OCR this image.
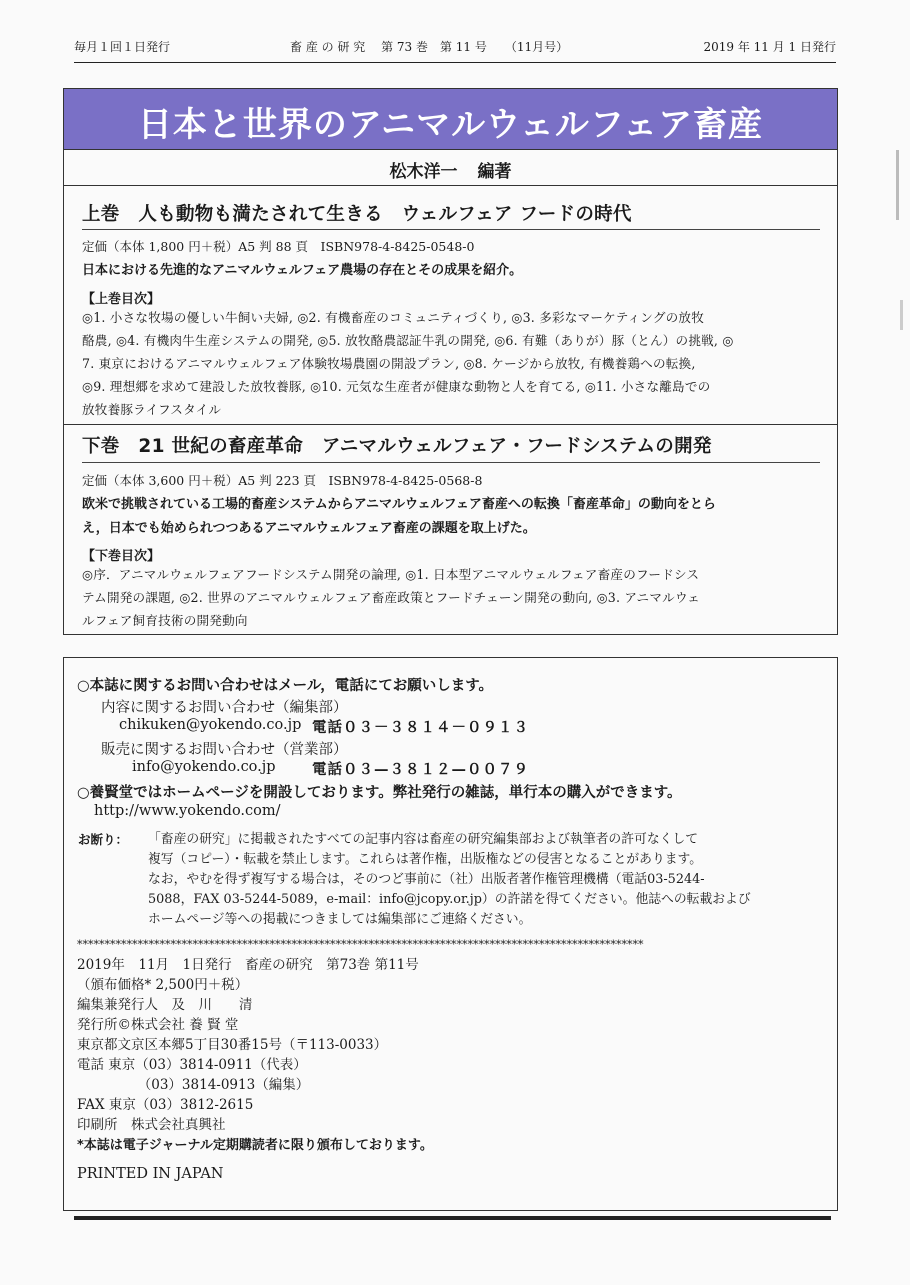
毎月１回１日発行	畜 産 の 研 究　 第 73 巻　第 11 号　　（11月号）	2019 年 11 月 1 日発行
日本と世界のアニマルウェルフェア畜産
松木洋一 編著
上巻　人も動物も満たされて生きる　ウェルフェア フードの時代
定価（本体 1,800 円＋税）A5 判 88 頁　ISBN978-4-8425-0548-0
日本における先進的なアニマルウェルフェア農場の存在とその成果を紹介。
【上巻目次】
◎1. 小さな牧場の優しい牛飼い夫婦, ◎2. 有機畜産のコミュニティづくり, ◎3. 多彩なマーケティングの放牧
酪農, ◎4. 有機肉牛生産システムの開発, ◎5. 放牧酪農認証牛乳の開発, ◎6. 有難（ありが）豚（とん）の挑戦, ◎
7. 東京におけるアニマルウェルフェア体験牧場農園の開設プラン, ◎8. ケージから放牧, 有機養鶏への転換,
◎9. 理想郷を求めて建設した放牧養豚, ◎10. 元気な生産者が健康な動物と人を育てる, ◎11. 小さな離島での
放牧養豚ライフスタイル
下巻　21 世紀の畜産革命　アニマルウェルフェア・フードシステムの開発
定価（本体 3,600 円＋税）A5 判 223 頁　ISBN978-4-8425-0568-8
欧米で挑戦されている工場的畜産システムからアニマルウェルフェア畜産への転換「畜産革命」の動向をとら
え，日本でも始められつつあるアニマルウェルフェア畜産の課題を取上げた。
【下巻目次】
◎序．アニマルウェルフェアフードシステム開発の論理, ◎1. 日本型アニマルウェルフェア畜産のフードシス
テム開発の課題, ◎2. 世界のアニマルウェルフェア畜産政策とフードチェーン開発の動向, ◎3. アニマルウェ
ルフェア飼育技術の開発動向
○本誌に関するお問い合わせはメール，電話にてお願いします。
内容に関するお問い合わせ（編集部）
chikuken@yokendo.co.jp 電話０３－３８１４－０９１３
販売に関するお問い合わせ（営業部）
info@yokendo.co.jp	電話０３—３８１２—００７９
○養賢堂ではホームページを開設しております。弊社発行の雑誌，単行本の購入ができます。
http://www.yokendo.com/
お断り： 「畜産の研究」に掲載されたすべての記事内容は畜産の研究編集部および執筆者の許可なくして
複写（コピー）・転載を禁止します。これらは著作権，出版権などの侵害となることがあります。
なお，やむを得ず複写する場合は，そのつど事前に（社）出版者著作権管理機構（電話03-5244-
5088，FAX 03-5244-5089，e-mail：info@jcopy.or.jp）の許諾を得てください。他誌への転載および
ホームページ等への掲載につきましては編集部にご連絡ください。
*******************************************************************************************************
2019年　11月　1日発行　畜産の研究　第73巻 第11号
（頒布価格* 2,500円＋税）
編集兼発行人　及　川　　清
発行所©株式会社 養 賢 堂
東京都文京区本郷5丁目30番15号（〒113-0033）
電話 東京（03）3814-0911（代表）
　　　　　（03）3814-0913（編集）
FAX 東京（03）3812-2615
印刷所　株式会社真興社
*本誌は電子ジャーナル定期購読者に限り頒布しております。
PRINTED IN JAPAN
